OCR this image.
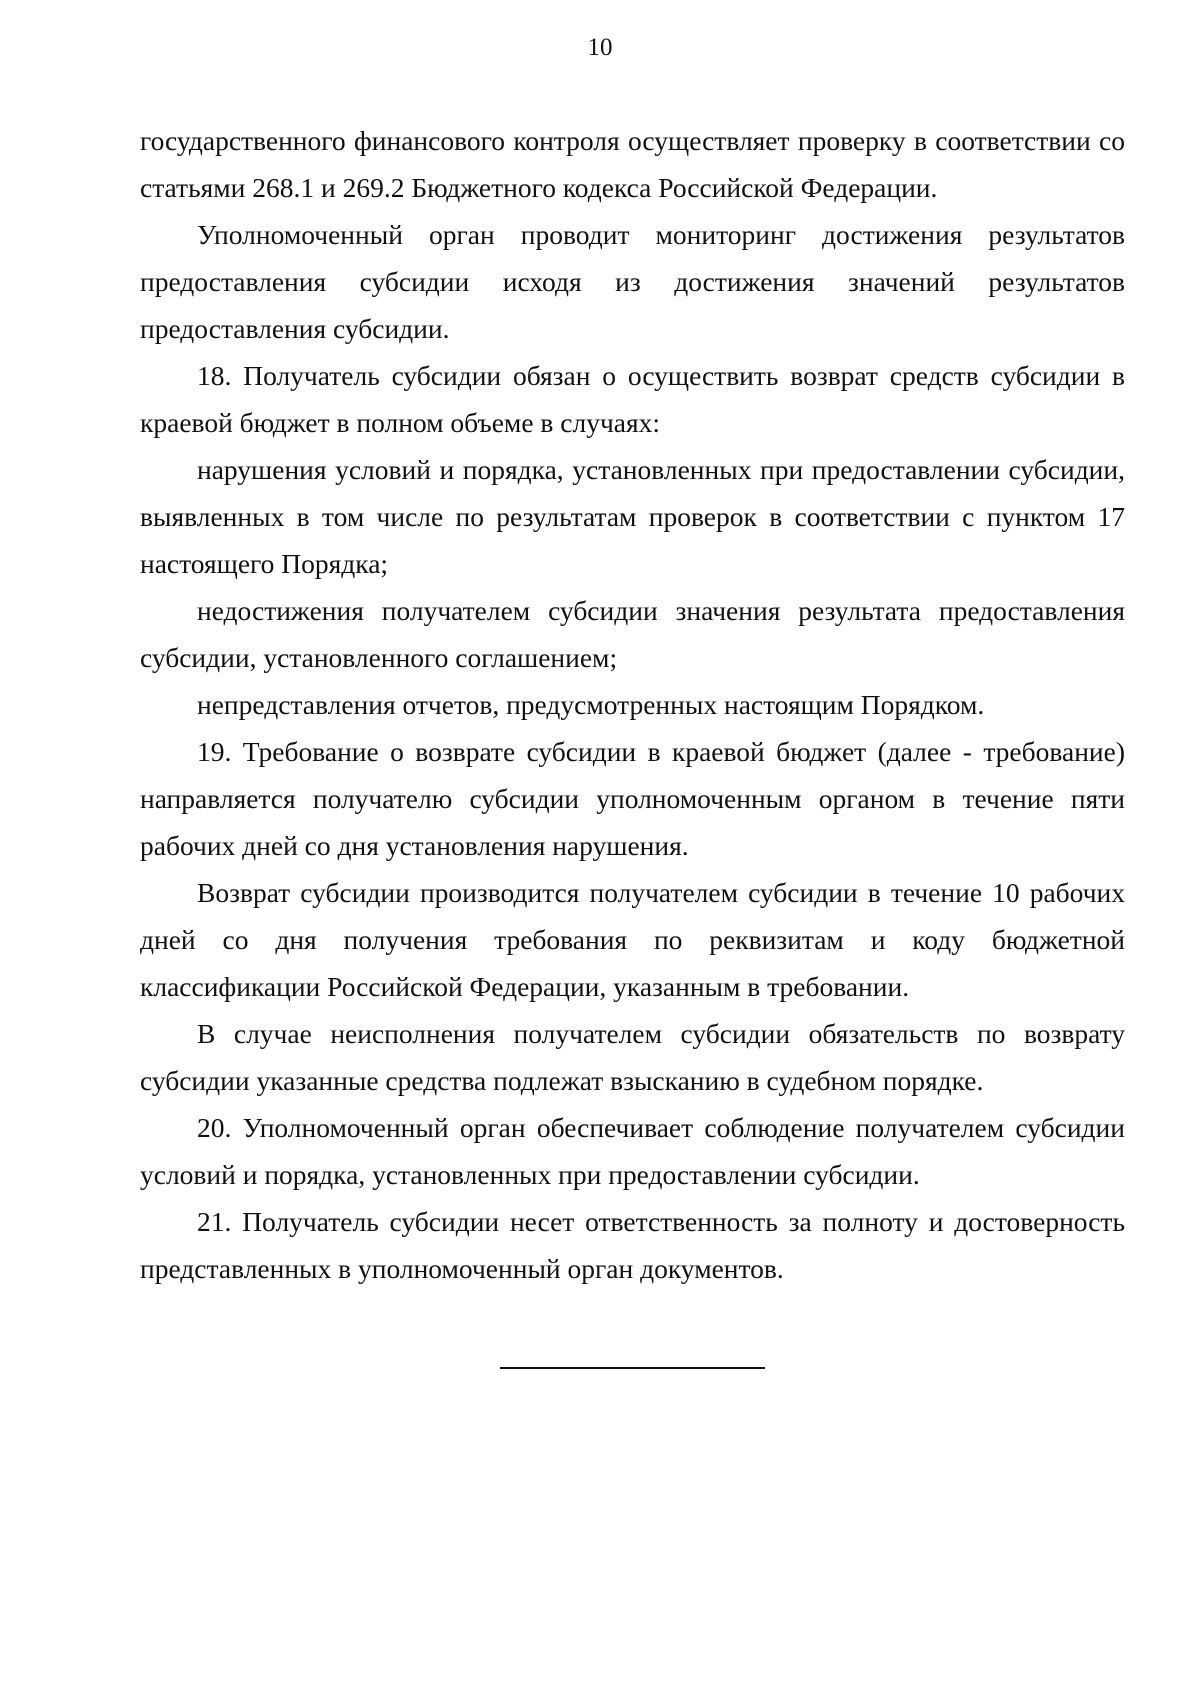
10

государственного финансового контроля осуществляет проверку в соответствии со статьями 268.1 и 269.2 Бюджетного кодекса Российской Федерации.

Уполномоченный орган проводит мониторинг достижения результатов предоставления субсидии исходя из достижения значений результатов предоставления субсидии.

18. Получатель субсидии обязан о осуществить возврат средств субсидии в краевой бюджет в полном объеме в случаях:

нарушения условий и порядка, установленных при предоставлении субсидии, выявленных в том числе по результатам проверок в соответствии с пунктом 17 настоящего Порядка;

недостижения получателем субсидии значения результата предоставления субсидии, установленного соглашением;

непредставления отчетов, предусмотренных настоящим Порядком.

19. Требование о возврате субсидии в краевой бюджет (далее - требование) направляется получателю субсидии уполномоченным органом в течение пяти рабочих дней со дня установления нарушения.

Возврат субсидии производится получателем субсидии в течение 10 рабочих дней со дня получения требования по реквизитам и коду бюджетной классификации Российской Федерации, указанным в требовании.

В случае неисполнения получателем субсидии обязательств по возврату субсидии указанные средства подлежат взысканию в судебном порядке.

20. Уполномоченный орган обеспечивает соблюдение получателем субсидии условий и порядка, установленных при предоставлении субсидии.

21. Получатель субсидии несет ответственность за полноту и достоверность представленных в уполномоченный орган документов.
